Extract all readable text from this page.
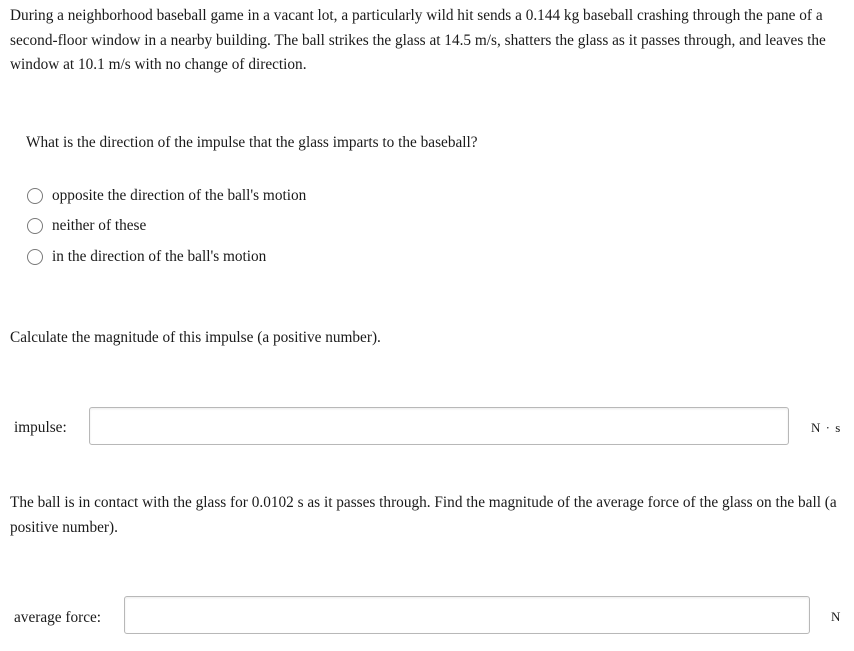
During a neighborhood baseball game in a vacant lot, a particularly wild hit sends a 0.144 kg baseball crashing through the pane of a second-floor window in a nearby building. The ball strikes the glass at 14.5 m/s, shatters the glass as it passes through, and leaves the window at 10.1 m/s with no change of direction.
What is the direction of the impulse that the glass imparts to the baseball?
opposite the direction of the ball's motion
neither of these
in the direction of the ball's motion
Calculate the magnitude of this impulse (a positive number).
impulse:	N · s
The ball is in contact with the glass for 0.0102 s as it passes through. Find the magnitude of the average force of the glass on the ball (a positive number).
average force:	N
